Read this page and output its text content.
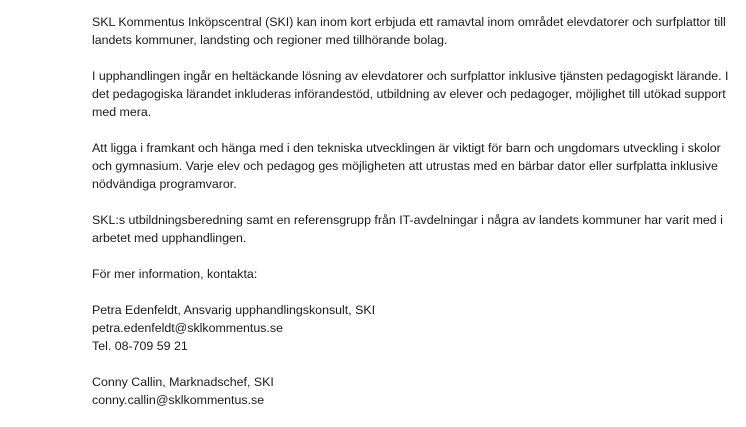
SKL Kommentus Inköpscentral (SKI) kan inom kort erbjuda ett ramavtal inom området elevdatorer och surfplattor till landets kommuner, landsting och regioner med tillhörande bolag.

I upphandlingen ingår en heltäckande lösning av elevdatorer och surfplattor inklusive tjänsten pedagogiskt lärande. I det pedagogiska lärandet inkluderas införandestöd, utbildning av elever och pedagoger, möjlighet till utökad support med mera.

Att ligga i framkant och hänga med i den tekniska utvecklingen är viktigt för barn och ungdomars utveckling i skolor och gymnasium. Varje elev och pedagog ges möjligheten att utrustas med en bärbar dator eller surfplatta inklusive nödvändiga programvaror.

SKL:s utbildningsberedning samt en referensgrupp från IT-avdelningar i några av landets kommuner har varit med i arbetet med upphandlingen.

För mer information, kontakta:

Petra Edenfeldt, Ansvarig upphandlingskonsult, SKI
petra.edenfeldt@sklkommentus.se
Tel. 08-709 59 21
Conny Callin, Marknadschef, SKI
conny.callin@sklkommentus.se
